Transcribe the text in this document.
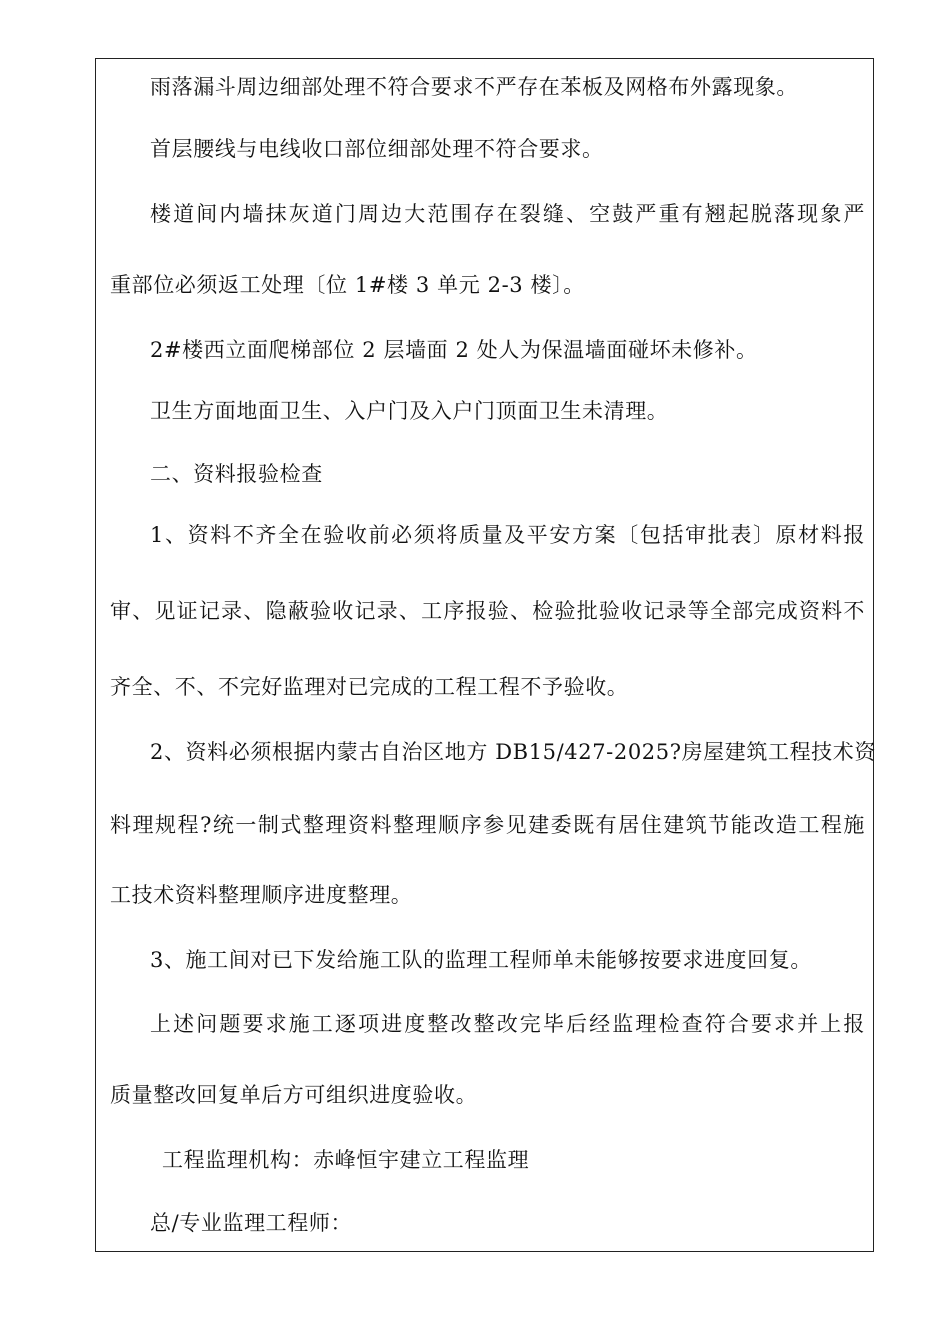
雨落漏斗周边细部处理不符合要求不严存在苯板及网格布外露现象。
首层腰线与电线收口部位细部处理不符合要求。
楼道间内墙抹灰道门周边大范围存在裂缝、空鼓严重有翘起脱落现象严
重部位必须返工处理〔位 1#楼 3 单元 2-3 楼〕。
2#楼西立面爬梯部位 2 层墙面 2 处人为保温墙面碰坏未修补。
卫生方面地面卫生、入户门及入户门顶面卫生未清理。
二、资料报验检查
1、资料不齐全在验收前必须将质量及平安方案〔包括审批表〕原材料报
审、见证记录、隐蔽验收记录、工序报验、检验批验收记录等全部完成资料不
齐全、不、不完好监理对已完成的工程工程不予验收。
2、资料必须根据内蒙古自治区地方 DB15/427-2025?房屋建筑工程技术资
料理规程?统一制式整理资料整理顺序参见建委既有居住建筑节能改造工程施
工技术资料整理顺序进度整理。
3、施工间对已下发给施工队的监理工程师单未能够按要求进度回复。
上述问题要求施工逐项进度整改整改完毕后经监理检查符合要求并上报
质量整改回复单后方可组织进度验收。
工程监理机构：赤峰恒宇建立工程监理
总/专业监理工程师：
